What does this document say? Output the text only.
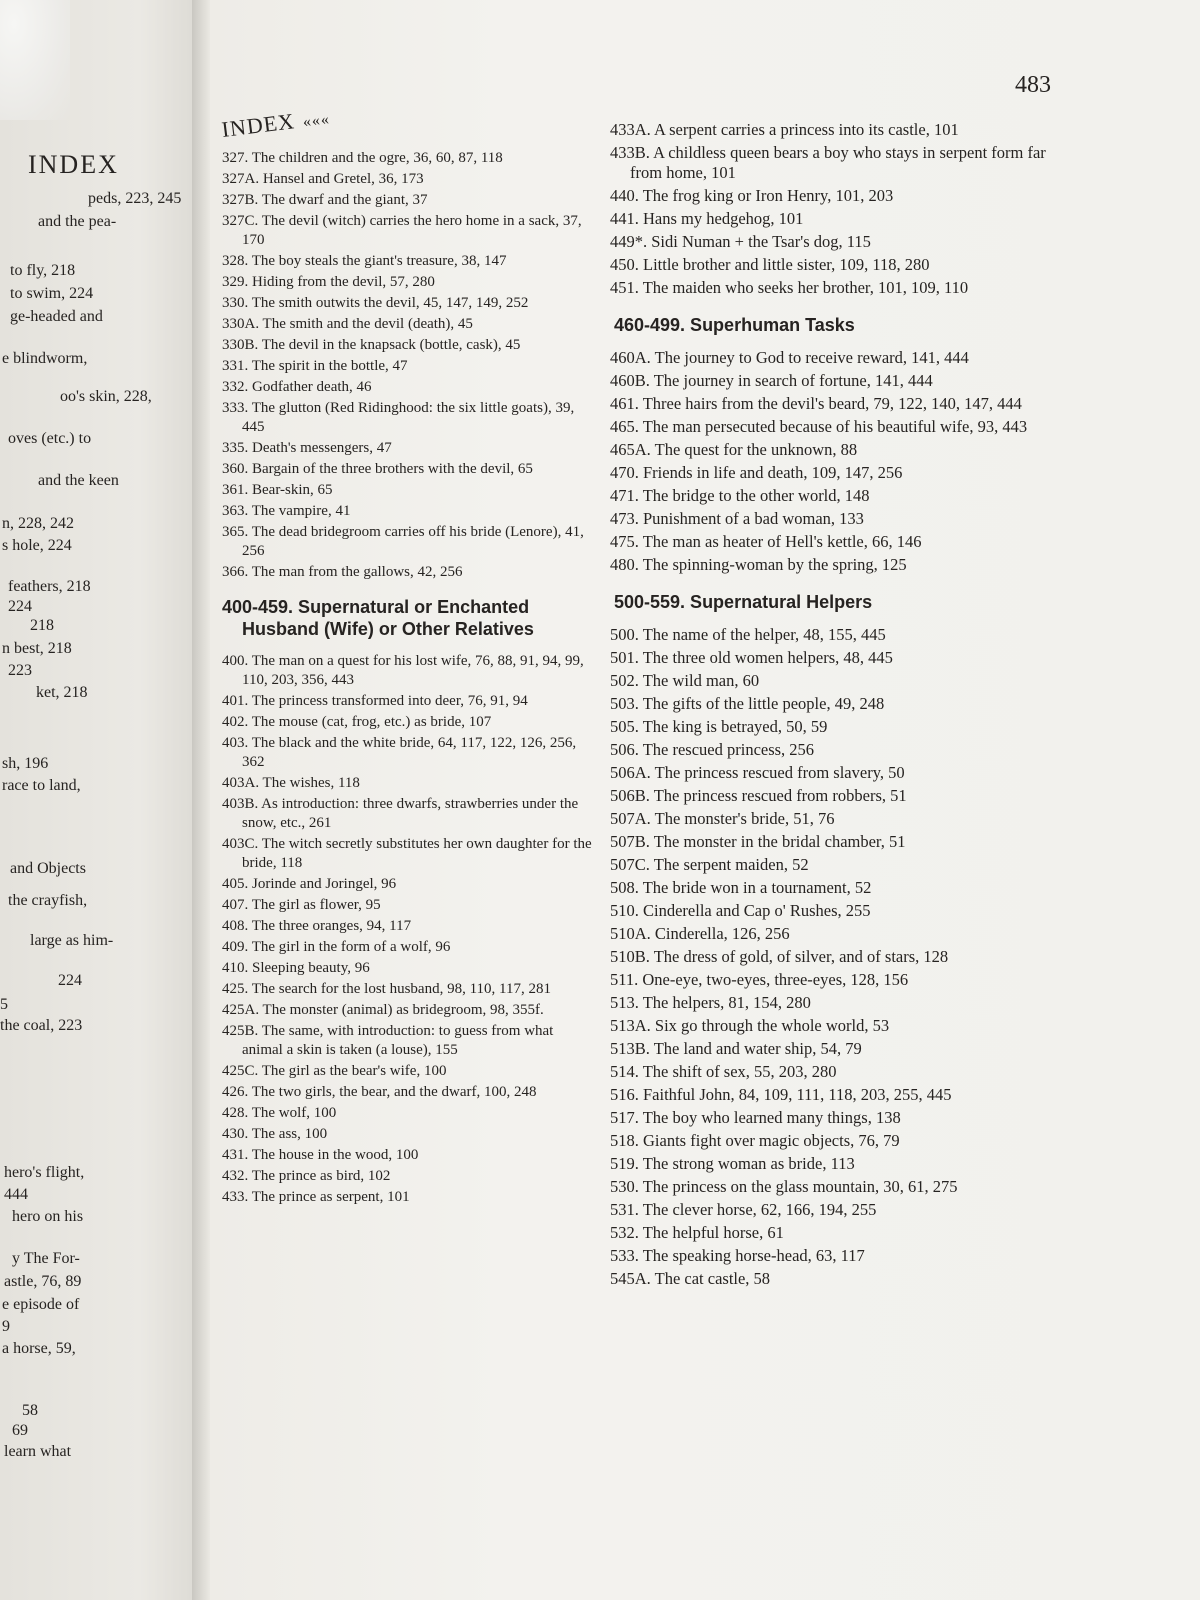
INDEX
peds, 223, 245
and the pea-
to fly, 218
to swim, 224
ge-headed and
e blindworm,
oo's skin, 228,
oves (etc.) to
and the keen
n, 228, 242
s hole, 224
feathers, 218
224
218
n best, 218
223
ket, 218
sh, 196
race to land,
and Objects
the crayfish,
large as him-
224
5
the coal, 223
hero's flight,
444
hero on his
y The For-
astle, 76, 89
e episode of
9
a horse, 59,
58
69
learn what
483
INDEX «««
327. The children and the ogre, 36, 60, 87, 118
327A. Hansel and Gretel, 36, 173
327B. The dwarf and the giant, 37
327C. The devil (witch) carries the hero home in a sack, 37, 170
328. The boy steals the giant's treasure, 38, 147
329. Hiding from the devil, 57, 280
330. The smith outwits the devil, 45, 147, 149, 252
330A. The smith and the devil (death), 45
330B. The devil in the knapsack (bottle, cask), 45
331. The spirit in the bottle, 47
332. Godfather death, 46
333. The glutton (Red Ridinghood: the six little goats), 39, 445
335. Death's messengers, 47
360. Bargain of the three brothers with the devil, 65
361. Bear-skin, 65
363. The vampire, 41
365. The dead bridegroom carries off his bride (Lenore), 41, 256
366. The man from the gallows, 42, 256
400-459. Supernatural or Enchanted Husband (Wife) or Other Relatives
400. The man on a quest for his lost wife, 76, 88, 91, 94, 99, 110, 203, 356, 443
401. The princess transformed into deer, 76, 91, 94
402. The mouse (cat, frog, etc.) as bride, 107
403. The black and the white bride, 64, 117, 122, 126, 256, 362
403A. The wishes, 118
403B. As introduction: three dwarfs, strawberries under the snow, etc., 261
403C. The witch secretly substitutes her own daughter for the bride, 118
405. Jorinde and Joringel, 96
407. The girl as flower, 95
408. The three oranges, 94, 117
409. The girl in the form of a wolf, 96
410. Sleeping beauty, 96
425. The search for the lost husband, 98, 110, 117, 281
425A. The monster (animal) as bridegroom, 98, 355f.
425B. The same, with introduction: to guess from what animal a skin is taken (a louse), 155
425C. The girl as the bear's wife, 100
426. The two girls, the bear, and the dwarf, 100, 248
428. The wolf, 100
430. The ass, 100
431. The house in the wood, 100
432. The prince as bird, 102
433. The prince as serpent, 101
433A. A serpent carries a princess into its castle, 101
433B. A childless queen bears a boy who stays in serpent form far from home, 101
440. The frog king or Iron Henry, 101, 203
441. Hans my hedgehog, 101
449*. Sidi Numan + the Tsar's dog, 115
450. Little brother and little sister, 109, 118, 280
451. The maiden who seeks her brother, 101, 109, 110
460-499. Superhuman Tasks
460A. The journey to God to receive reward, 141, 444
460B. The journey in search of fortune, 141, 444
461. Three hairs from the devil's beard, 79, 122, 140, 147, 444
465. The man persecuted because of his beautiful wife, 93, 443
465A. The quest for the unknown, 88
470. Friends in life and death, 109, 147, 256
471. The bridge to the other world, 148
473. Punishment of a bad woman, 133
475. The man as heater of Hell's kettle, 66, 146
480. The spinning-woman by the spring, 125
500-559. Supernatural Helpers
500. The name of the helper, 48, 155, 445
501. The three old women helpers, 48, 445
502. The wild man, 60
503. The gifts of the little people, 49, 248
505. The king is betrayed, 50, 59
506. The rescued princess, 256
506A. The princess rescued from slavery, 50
506B. The princess rescued from robbers, 51
507A. The monster's bride, 51, 76
507B. The monster in the bridal chamber, 51
507C. The serpent maiden, 52
508. The bride won in a tournament, 52
510. Cinderella and Cap o' Rushes, 255
510A. Cinderella, 126, 256
510B. The dress of gold, of silver, and of stars, 128
511. One-eye, two-eyes, three-eyes, 128, 156
513. The helpers, 81, 154, 280
513A. Six go through the whole world, 53
513B. The land and water ship, 54, 79
514. The shift of sex, 55, 203, 280
516. Faithful John, 84, 109, 111, 118, 203, 255, 445
517. The boy who learned many things, 138
518. Giants fight over magic objects, 76, 79
519. The strong woman as bride, 113
530. The princess on the glass mountain, 30, 61, 275
531. The clever horse, 62, 166, 194, 255
532. The helpful horse, 61
533. The speaking horse-head, 63, 117
545A. The cat castle, 58
